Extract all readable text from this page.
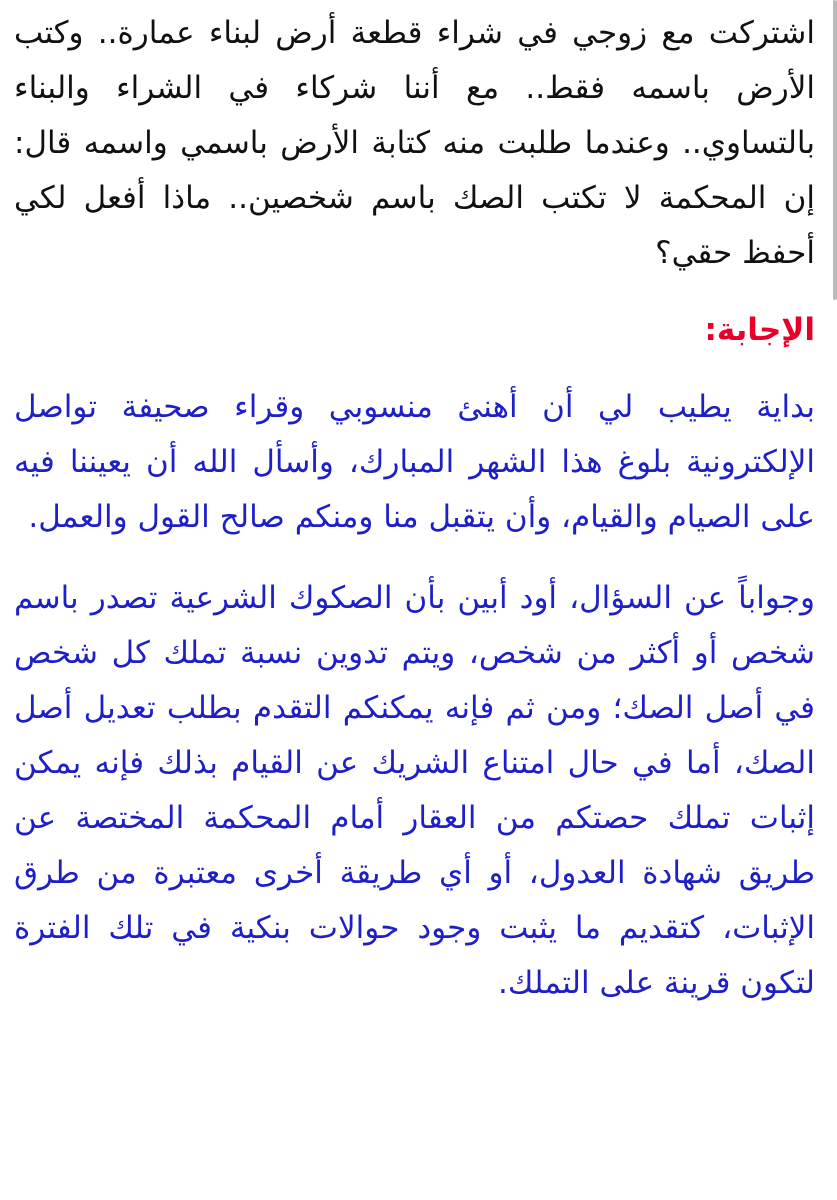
اشتركت مع زوجي في شراء قطعة أرض لبناء عمارة.. وكتب الأرض باسمه فقط.. مع أننا شركاء في الشراء والبناء بالتساوي.. وعندما طلبت منه كتابة الأرض باسمي واسمه قال: إن المحكمة لا تكتب الصك باسم شخصين.. ماذا أفعل لكي أحفظ حقي؟

الإجابة:

بداية يطيب لي أن أهنئ منسوبي وقراء صحيفة تواصل الإلكترونية بلوغ هذا الشهر المبارك، وأسأل الله أن يعيننا فيه على الصيام والقيام، وأن يتقبل منا ومنكم صالح القول والعمل.

وجواباً عن السؤال، أود أبين بأن الصكوك الشرعية تصدر باسم شخص أو أكثر من شخص، ويتم تدوين نسبة تملك كل شخص في أصل الصك؛ ومن ثم فإنه يمكنكم التقدم بطلب تعديل أصل الصك، أما في حال امتناع الشريك عن القيام بذلك فإنه يمكن إثبات تملك حصتكم من العقار أمام المحكمة المختصة عن طريق شهادة العدول، أو أي طريقة أخرى معتبرة من طرق الإثبات، كتقديم ما يثبت وجود حوالات بنكية في تلك الفترة لتكون قرينة على التملك.
